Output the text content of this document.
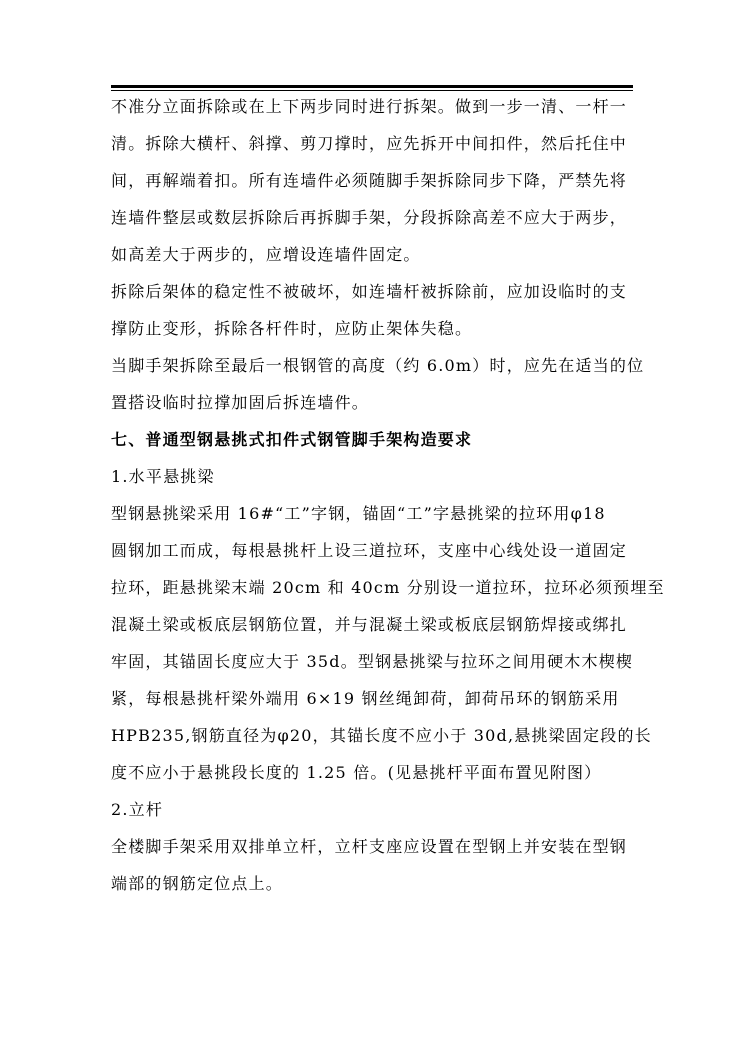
不准分立面拆除或在上下两步同时进行拆架。做到一步一清、一杆一
清。拆除大横杆、斜撑、剪刀撑时，应先拆开中间扣件，然后托住中
间，再解端着扣。所有连墙件必须随脚手架拆除同步下降，严禁先将
连墙件整层或数层拆除后再拆脚手架，分段拆除高差不应大于两步，
如高差大于两步的，应增设连墙件固定。
拆除后架体的稳定性不被破坏，如连墙杆被拆除前，应加设临时的支
撑防止变形，拆除各杆件时，应防止架体失稳。
当脚手架拆除至最后一根钢管的高度（约 6.0m）时，应先在适当的位
置搭设临时拉撑加固后拆连墙件。
七、普通型钢悬挑式扣件式钢管脚手架构造要求
1.水平悬挑梁
型钢悬挑梁采用 16#“工”字钢，锚固“工”字悬挑梁的拉环用φ18
圆钢加工而成，每根悬挑杆上设三道拉环，支座中心线处设一道固定
拉环，距悬挑梁末端 20cm 和 40cm 分别设一道拉环，拉环必须预埋至
混凝土梁或板底层钢筋位置，并与混凝土梁或板底层钢筋焊接或绑扎
牢固，其锚固长度应大于 35d。型钢悬挑梁与拉环之间用硬木木楔楔
紧，每根悬挑杆梁外端用 6×19 钢丝绳卸荷，卸荷吊环的钢筋采用
HPB235,钢筋直径为φ20，其锚长度不应小于 30d,悬挑梁固定段的长
度不应小于悬挑段长度的 1.25 倍。(见悬挑杆平面布置见附图）
2.立杆
全楼脚手架采用双排单立杆，立杆支座应设置在型钢上并安装在型钢
端部的钢筋定位点上。
